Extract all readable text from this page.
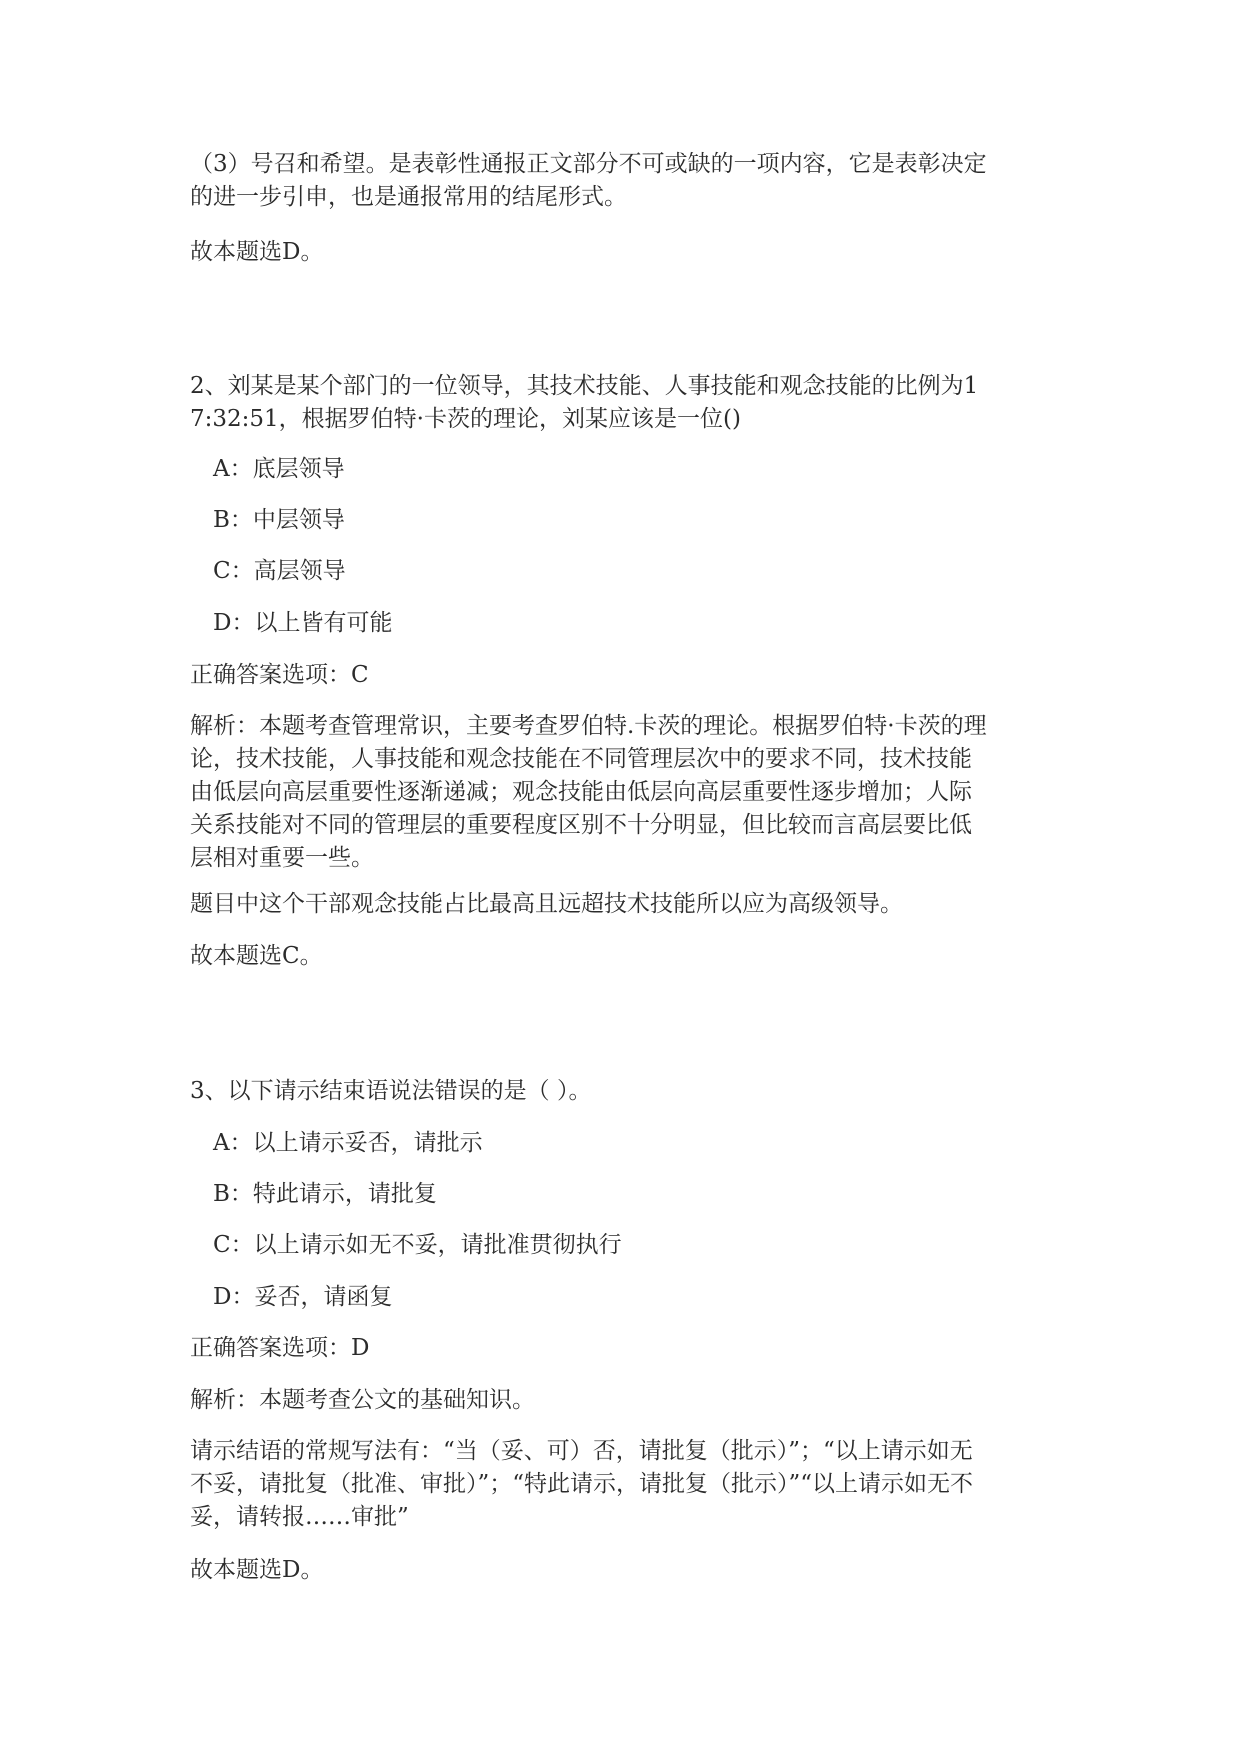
（3）号召和希望。是表彰性通报正文部分不可或缺的一项内容，它是表彰决定
的进一步引申，也是通报常用的结尾形式。

故本题选D。

2、刘某是某个部门的一位领导，其技术技能、人事技能和观念技能的比例为1
7:32:51，根据罗伯特·卡茨的理论，刘某应该是一位()

A：底层领导

B：中层领导

C：高层领导

D：以上皆有可能

正确答案选项：C

解析：本题考查管理常识，主要考查罗伯特.卡茨的理论。根据罗伯特·卡茨的理
论，技术技能，人事技能和观念技能在不同管理层次中的要求不同，技术技能
由低层向高层重要性逐渐递减；观念技能由低层向高层重要性逐步增加；人际
关系技能对不同的管理层的重要程度区别不十分明显，但比较而言高层要比低
层相对重要一些。

题目中这个干部观念技能占比最高且远超技术技能所以应为高级领导。

故本题选C。

3、以下请示结束语说法错误的是（ ）。

A：以上请示妥否，请批示

B：特此请示，请批复

C：以上请示如无不妥，请批准贯彻执行

D：妥否，请函复

正确答案选项：D

解析：本题考查公文的基础知识。

请示结语的常规写法有：“当（妥、可）否，请批复（批示）”；“以上请示如无
不妥，请批复（批准、审批）”；“特此请示，请批复（批示）”“以上请示如无不
妥，请转报……审批”

故本题选D。
